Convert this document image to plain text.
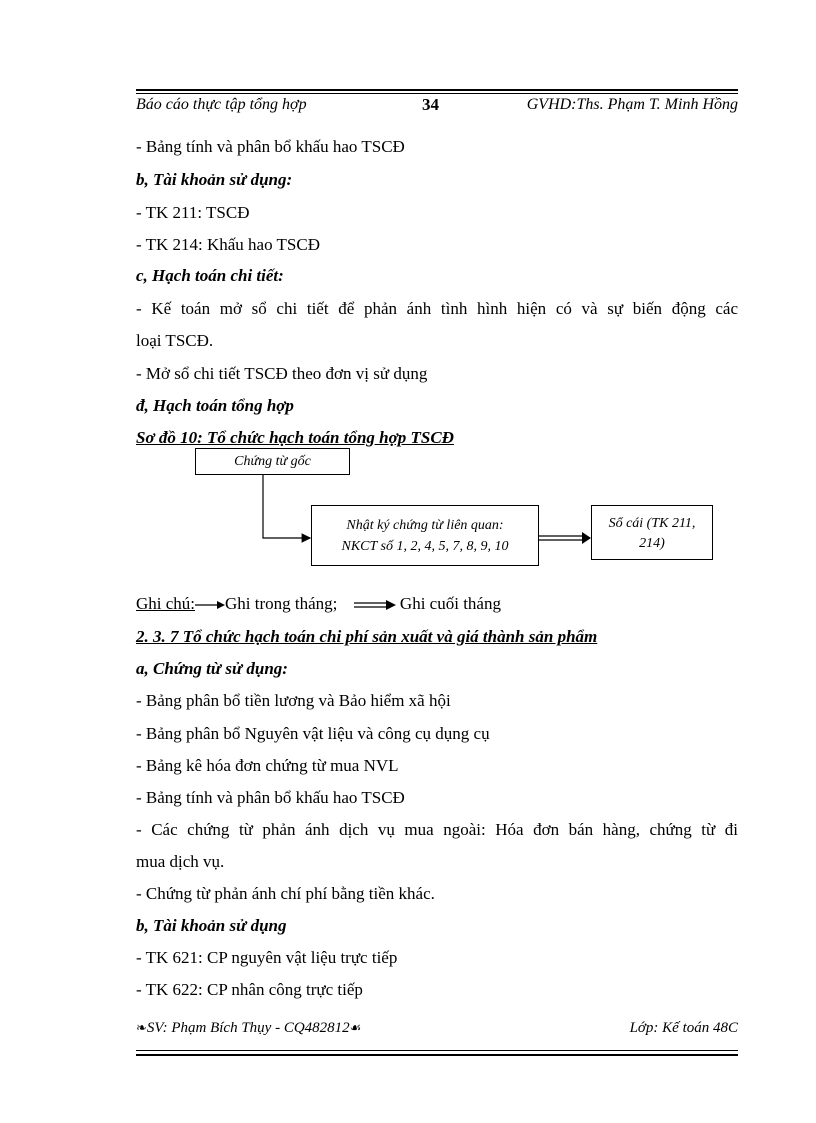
Báo cáo thực tập tổng hợp	34	GVHD:Ths. Phạm T. Minh Hồng
- Bảng tính và phân bổ khấu hao TSCĐ
b, Tài khoản sử dụng:
- TK 211: TSCĐ
- TK 214: Khấu hao TSCĐ
c, Hạch toán chi tiết:
- Kế toán mở sổ chi tiết để phản ánh tình hình hiện có và sự biến động các
loại TSCĐ.
- Mở sổ chi tiết TSCĐ theo đơn vị sử dụng
đ, Hạch toán tổng hợp
Sơ đồ 10: Tổ chức hạch toán tổng hợp TSCĐ
Chứng từ gốc
Nhật ký chứng từ liên quan:
NKCT số 1, 2, 4, 5, 7, 8, 9, 10
Sổ cái (TK 211,
214)
Ghi chú: Ghi trong tháng;	Ghi cuối tháng
2. 3. 7 Tổ chức hạch toán chi phí sản xuất và giá thành sản phẩm
a, Chứng từ sử dụng:
- Bảng phân bổ tiền lương và Bảo hiểm xã hội
- Bảng phân bổ Nguyên vật liệu và công cụ dụng cụ
- Bảng kê hóa đơn chứng từ mua NVL
- Bảng tính và phân bổ khấu hao TSCĐ
- Các chứng từ phản ánh dịch vụ mua ngoài: Hóa đơn bán hàng, chứng từ đi
mua dịch vụ.
- Chứng từ phản ánh chí phí bằng tiền khác.
b, Tài khoản sử dụng
- TK 621: CP nguyên vật liệu trực tiếp
- TK 622: CP nhân công trực tiếp
❧SV: Phạm Bích Thụy - CQ482812☙	Lớp: Kế toán 48C
